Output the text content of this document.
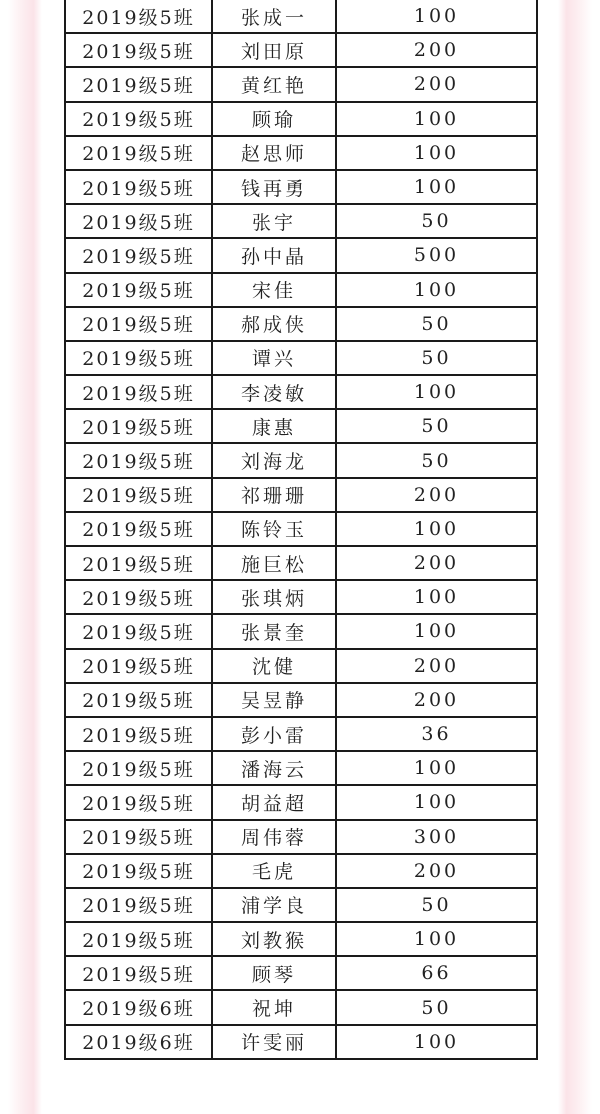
2019级5班	张成一	100
2019级5班	刘田原	200
2019级5班	黄红艳	200
2019级5班	顾瑜	100
2019级5班	赵思师	100
2019级5班	钱再勇	100
2019级5班	张宇	50
2019级5班	孙中晶	500
2019级5班	宋佳	100
2019级5班	郝成侠	50
2019级5班	谭兴	50
2019级5班	李凌敏	100
2019级5班	康惠	50
2019级5班	刘海龙	50
2019级5班	祁珊珊	200
2019级5班	陈铃玉	100
2019级5班	施巨松	200
2019级5班	张琪炳	100
2019级5班	张景奎	100
2019级5班	沈健	200
2019级5班	吴昱静	200
2019级5班	彭小雷	36
2019级5班	潘海云	100
2019级5班	胡益超	100
2019级5班	周伟蓉	300
2019级5班	毛虎	200
2019级5班	浦学良	50
2019级5班	刘教猴	100
2019级5班	顾琴	66
2019级6班	祝坤	50
2019级6班	许雯丽	100
